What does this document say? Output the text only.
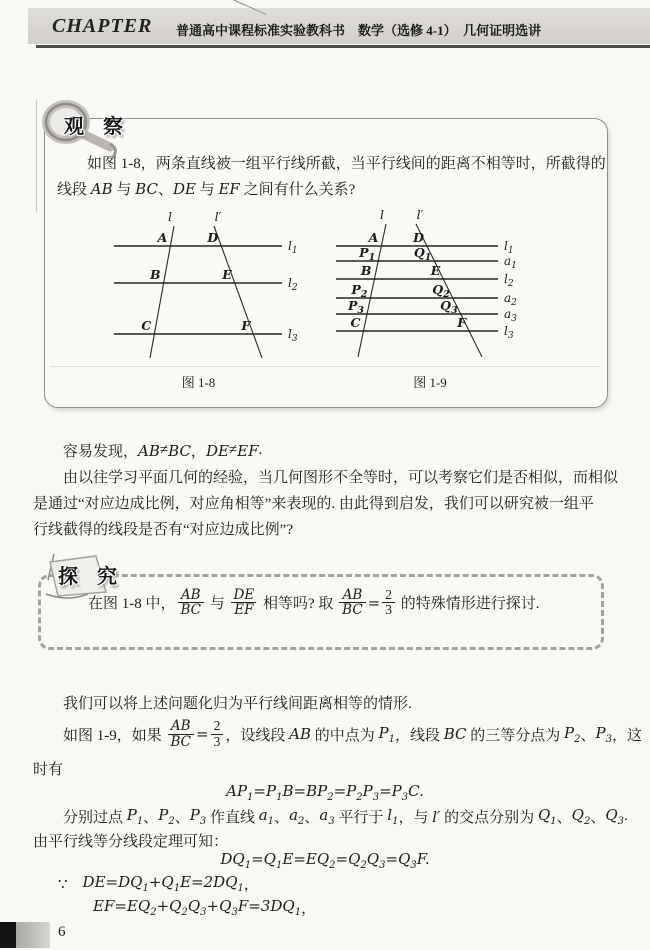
CHAPTER 普通高中课程标准实验教科书　数学（选修 4-1）　几何证明选讲
观 察
　　如图 1-8，两条直线被一组平行线所截，当平行线间的距离不相等时，所截得的
线段 AB 与 BC 、 DE 与 EF 之间有什么关系?
l	l′
$l_1$
A	D
$l_2$
B	E
$l_3$
C	F
l	l′
$l_1$
A	D
$a_1$
$P_1$	$Q_1$
$l_2$
B	E
$a_2$
$P_2$	$Q_2$
$a_3$
$P_3$	$Q_3$
$l_3$
C	F
图 1-8	图 1-9
　　容易发现， AB ≠ BC ， DE ≠ EF .
　　由以往学习平面几何的经验，当几何图形不全等时，可以考察它们是否相似，而相似
是通过“对应边成比例，对应角相等”来表现的. 由此得到启发，我们可以研究被一组平
行线截得的线段是否有“对应边成比例”?
探 究
在图 1-8 中， $\frac{AB}{BC}$ 与 $\frac{DE}{EF}$ 相等吗? 取 $\frac{AB}{BC} = \frac{2}{3}$ 的特殊情形进行探讨.
　　我们可以将上述问题化归为平行线间距离相等的情形.
　　如图 1-9，如果 $\frac{AB}{BC} = \frac{2}{3}$ ，设线段 AB 的中点为 $P_1$ ，线段 BC 的三等分点为 $P_2$ 、 $P_3$ ，这
时有
$AP_1=P_1B=BP_2=P_2P_3=P_3C$.
　　分别过点 $P_1$ 、 $P_2$ 、 $P_3$ 作直线 $a_1$ 、 $a_2$ 、 $a_3$ 平行于 $l_1$ ，与 l′ 的交点分别为 $Q_1$ 、 $Q_2$ 、 $Q_3$ .
由平行线等分线段定理可知：
$DQ_1=Q_1E=EQ_2=Q_2Q_3=Q_3F$.
∵　 $DE=DQ_1+Q_1E=2DQ_1$ ，
$EF=EQ_2+Q_2Q_3+Q_3F=3DQ_1$ ，
6
